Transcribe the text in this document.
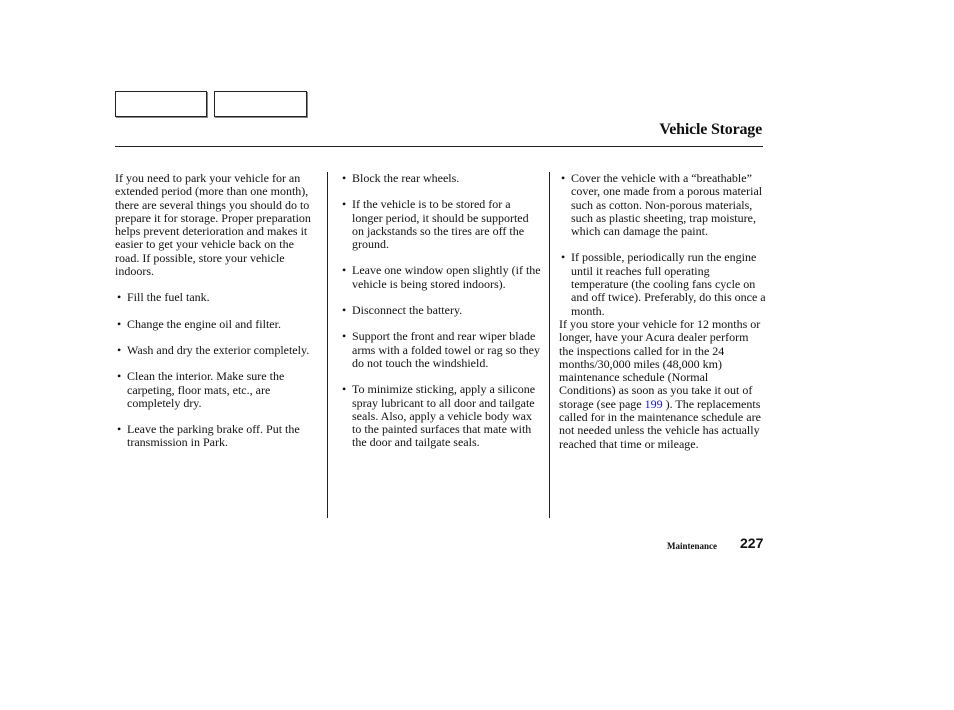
Vehicle Storage

If you need to park your vehicle for an extended period (more than one month), there are several things you should do to prepare it for storage. Proper preparation helps prevent deterioration and makes it easier to get your vehicle back on the road. If possible, store your vehicle indoors.

• Fill the fuel tank.
• Change the engine oil and filter.
• Wash and dry the exterior completely.
• Clean the interior. Make sure the carpeting, floor mats, etc., are completely dry.
• Leave the parking brake off. Put the transmission in Park.
• Block the rear wheels.
• If the vehicle is to be stored for a longer period, it should be supported on jackstands so the tires are off the ground.
• Leave one window open slightly (if the vehicle is being stored indoors).
• Disconnect the battery.
• Support the front and rear wiper blade arms with a folded towel or rag so they do not touch the windshield.
• To minimize sticking, apply a silicone spray lubricant to all door and tailgate seals. Also, apply a vehicle body wax to the painted surfaces that mate with the door and tailgate seals.
• Cover the vehicle with a “breathable” cover, one made from a porous material such as cotton. Non-porous materials, such as plastic sheeting, trap moisture, which can damage the paint.
• If possible, periodically run the engine until it reaches full operating temperature (the cooling fans cycle on and off twice). Preferably, do this once a month.

If you store your vehicle for 12 months or longer, have your Acura dealer perform the inspections called for in the 24 months/30,000 miles (48,000 km) maintenance schedule (Normal Conditions) as soon as you take it out of storage (see page 199 ). The replacements called for in the maintenance schedule are not needed unless the vehicle has actually reached that time or mileage.

Maintenance 227
